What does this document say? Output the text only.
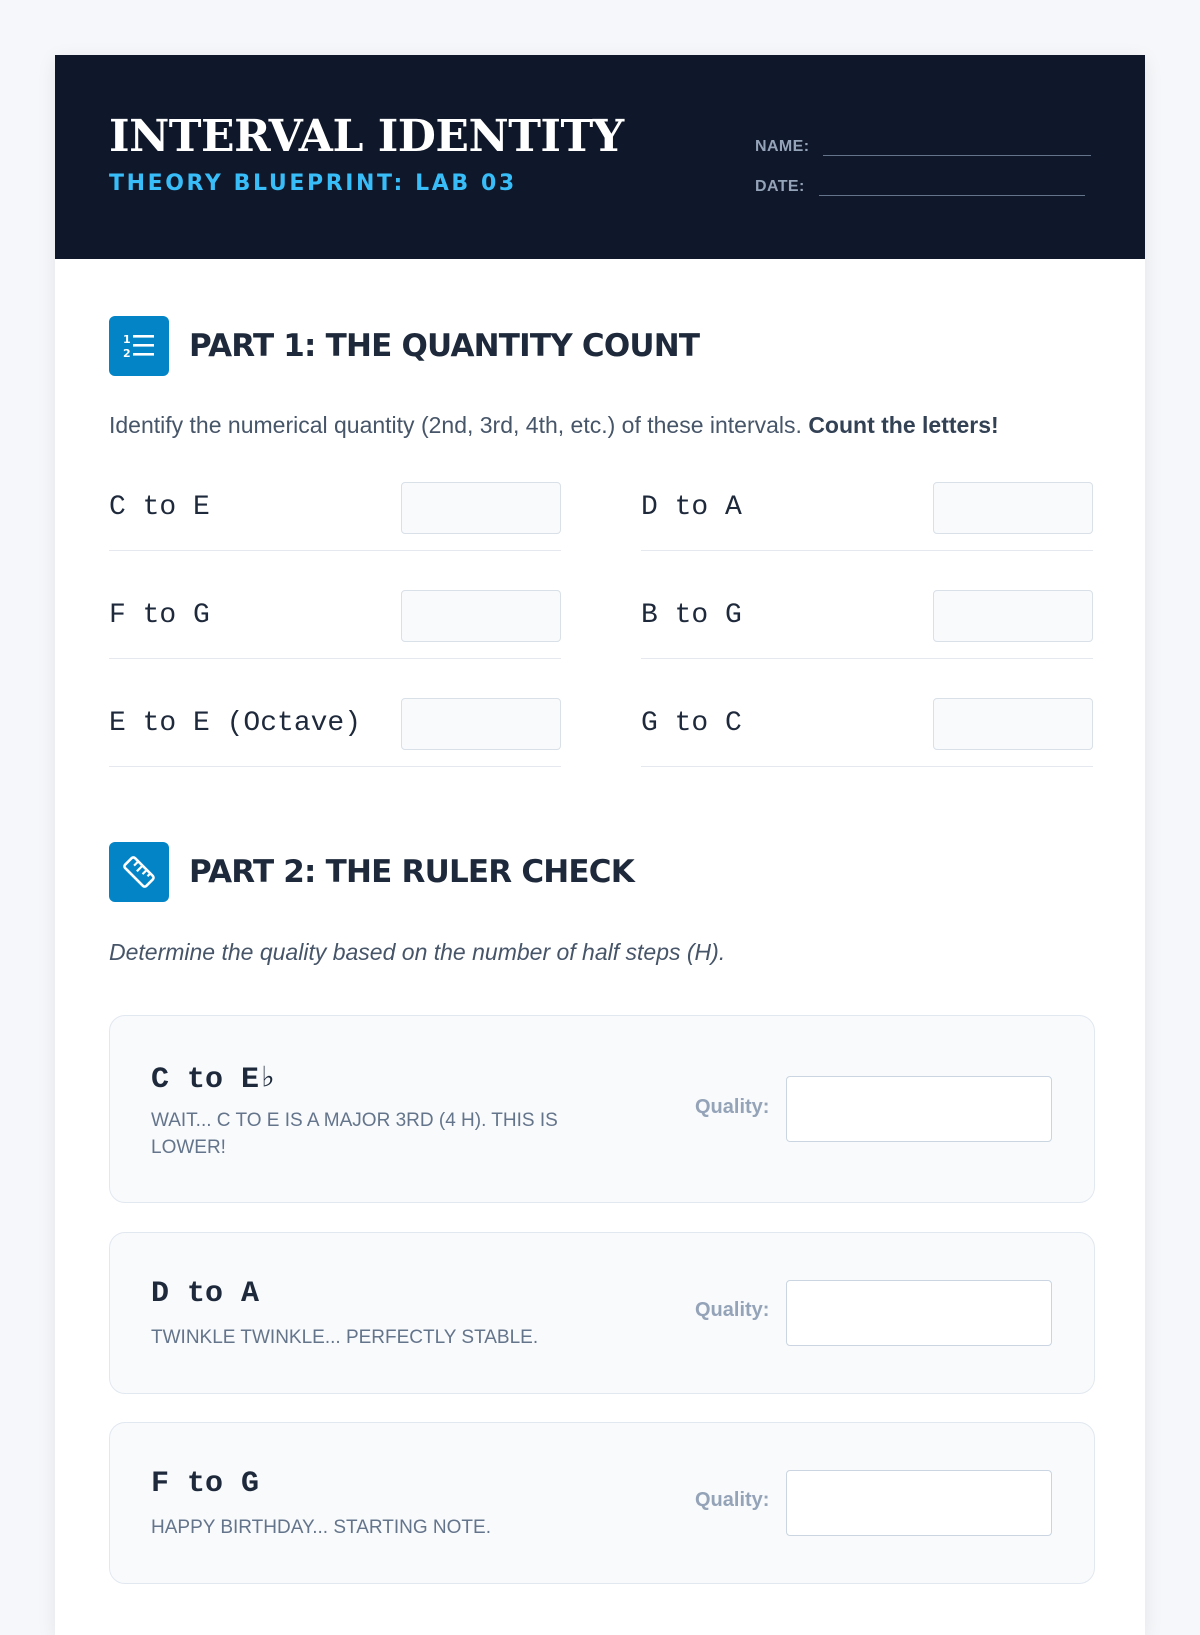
INTERVAL IDENTITY
THEORY BLUEPRINT: LAB 03
NAME:
DATE:
1
2 PART 1: THE QUANTITY COUNT
Identify the numerical quantity (2nd, 3rd, 4th, etc.) of these intervals. Count the letters!
C to E	D to A
F to G	B to G
E to E (Octave)	G to C
PART 2: THE RULER CHECK
Determine the quality based on the number of half steps (H).
C to E♭
WAIT... C TO E IS A MAJOR 3RD (4 H). THIS IS LOWER!
Quality:
D to A
TWINKLE TWINKLE... PERFECTLY STABLE.
Quality:
F to G
HAPPY BIRTHDAY... STARTING NOTE.
Quality:
